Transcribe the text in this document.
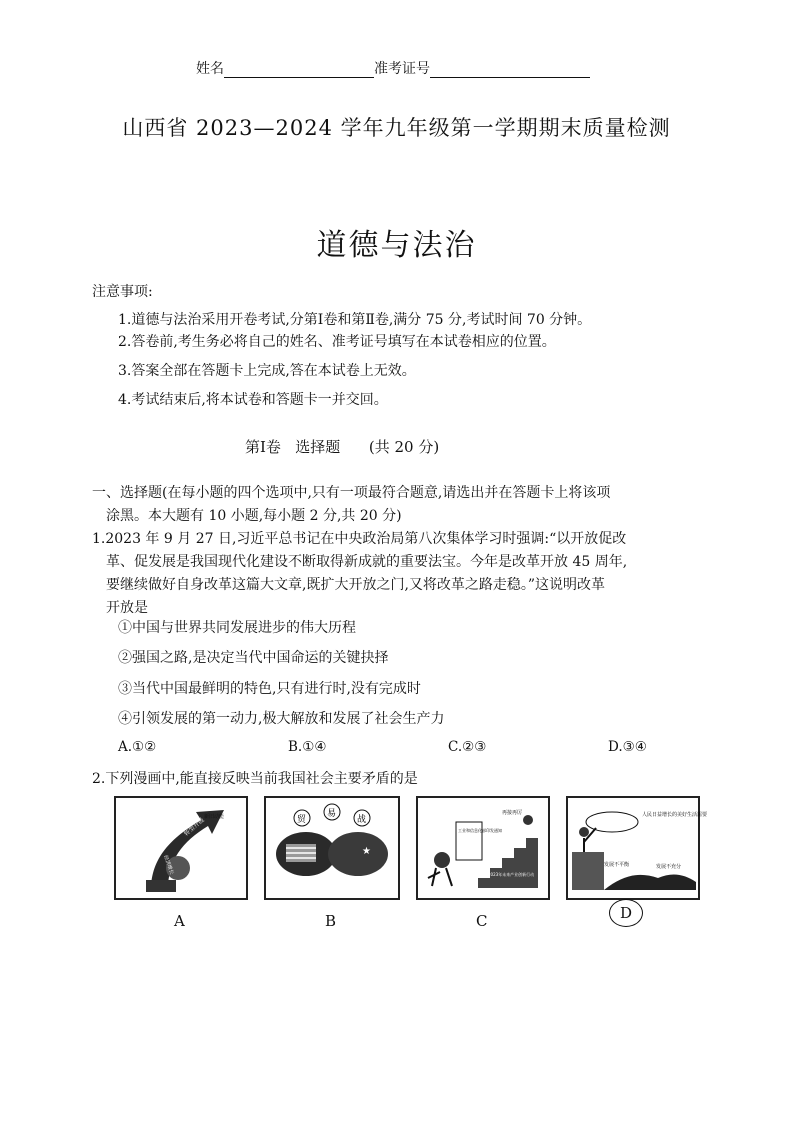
姓名	准考证号
山西省 2023—2024 学年九年级第一学期期末质量检测
道德与法治
注意事项:
1.道德与法治采用开卷考试,分第Ⅰ卷和第Ⅱ卷,满分 75 分,考试时间 70 分钟。
2.答卷前,考生务必将自己的姓名、准考证号填写在本试卷相应的位置。
3.答案全部在答题卡上完成,答在本试卷上无效。
4.考试结束后,将本试卷和答题卡一并交回。
第Ⅰ卷   选择题      (共 20 分)
一、选择题(在每小题的四个选项中,只有一项最符合题意,请选出并在答题卡上将该项
涂黑。本大题有 10 小题,每小题 2 分,共 20 分)
1.2023 年 9 月 27 日,习近平总书记在中央政治局第八次集体学习时强调:“以开放促改
革、促发展是我国现代化建设不断取得新成就的重要法宝。今年是改革开放 45 周年,
要继续做好自身改革这篇大文章,既扩大开放之门,又将改革之路走稳。”这说明改革
开放是
①中国与世界共同发展进步的伟大历程
②强国之路,是决定当代中国命运的关键抉择
③当代中国最鲜明的特色,只有进行时,没有完成时
④引领发展的第一动力,极大解放和发展了社会生产力
A.①②	B.①④	C.②③	D.③④
2.下列漫画中,能直接反映当前我国社会主要矛盾的是
转型升级
新旧动能
经济增长
★
贸
易
战
工业和信息化部印发通知
2023年未来产业创新行动
再接再厉	人民日益增长的美好生活需要
发展不平衡	发展不充分
A	B	C	D
